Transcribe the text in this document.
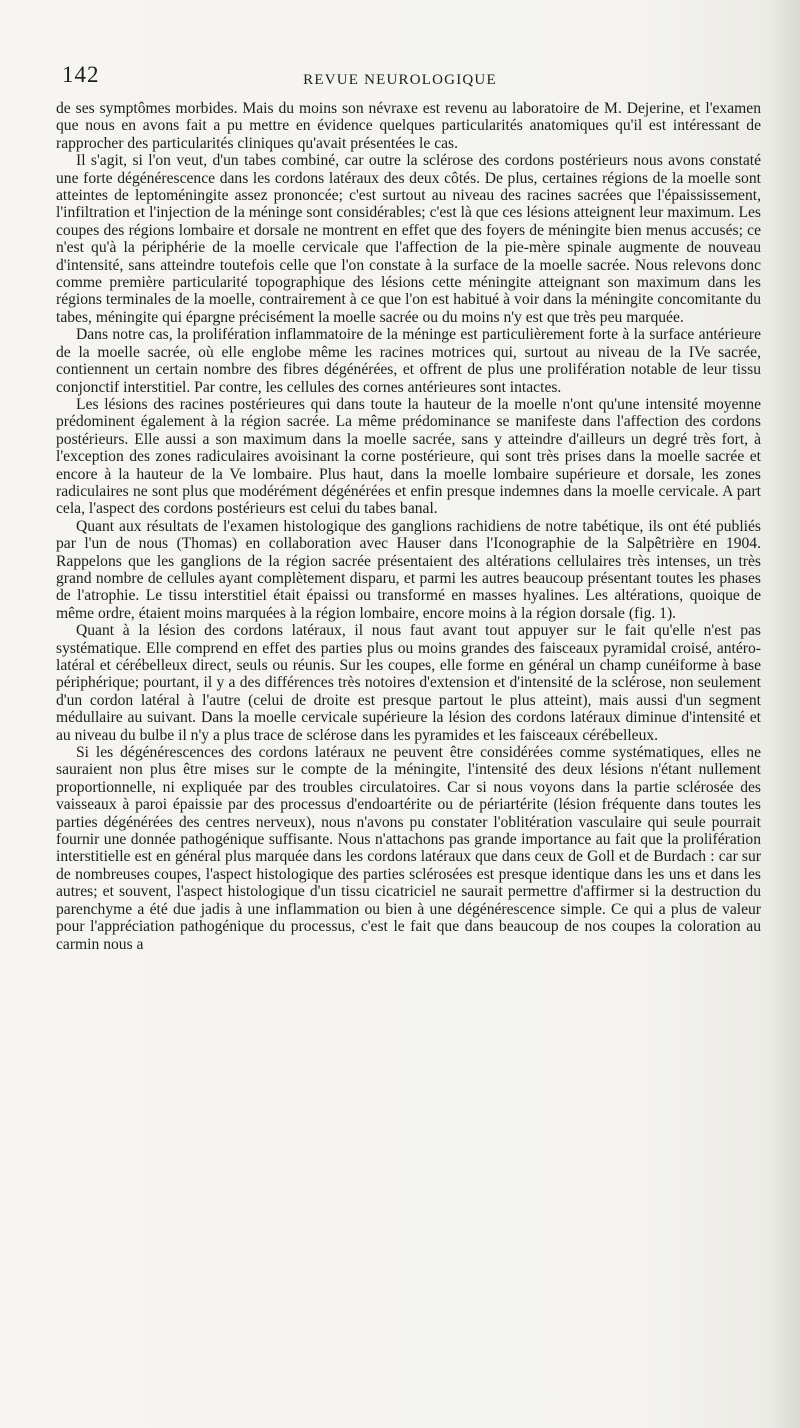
142	REVUE NEUROLOGIQUE

de ses symptômes morbides. Mais du moins son névraxe est revenu au laboratoire de M. Dejerine, et l'examen que nous en avons fait a pu mettre en évidence quelques particularités anatomiques qu'il est intéressant de rapprocher des particularités cliniques qu'avait présentées le cas.

Il s'agit, si l'on veut, d'un tabes combiné, car outre la sclérose des cordons postérieurs nous avons constaté une forte dégénérescence dans les cordons latéraux des deux côtés. De plus, certaines régions de la moelle sont atteintes de leptoméningite assez prononcée; c'est surtout au niveau des racines sacrées que l'épaississement, l'infiltration et l'injection de la méninge sont considérables; c'est là que ces lésions atteignent leur maximum. Les coupes des régions lombaire et dorsale ne montrent en effet que des foyers de méningite bien menus accusés; ce n'est qu'à la périphérie de la moelle cervicale que l'affection de la pie-mère spinale augmente de nouveau d'intensité, sans atteindre toutefois celle que l'on constate à la surface de la moelle sacrée. Nous relevons donc comme première particularité topographique des lésions cette méningite atteignant son maximum dans les régions terminales de la moelle, contrairement à ce que l'on est habitué à voir dans la méningite concomitante du tabes, méningite qui épargne précisément la moelle sacrée ou du moins n'y est que très peu marquée.

Dans notre cas, la prolifération inflammatoire de la méninge est particulièrement forte à la surface antérieure de la moelle sacrée, où elle englobe même les racines motrices qui, surtout au niveau de la IVe sacrée, contiennent un certain nombre des fibres dégénérées, et offrent de plus une prolifération notable de leur tissu conjonctif interstitiel. Par contre, les cellules des cornes antérieures sont intactes.

Les lésions des racines postérieures qui dans toute la hauteur de la moelle n'ont qu'une intensité moyenne prédominent également à la région sacrée. La même prédominance se manifeste dans l'affection des cordons postérieurs. Elle aussi a son maximum dans la moelle sacrée, sans y atteindre d'ailleurs un degré très fort, à l'exception des zones radiculaires avoisinant la corne postérieure, qui sont très prises dans la moelle sacrée et encore à la hauteur de la Ve lombaire. Plus haut, dans la moelle lombaire supérieure et dorsale, les zones radiculaires ne sont plus que modérément dégénérées et enfin presque indemnes dans la moelle cervicale. A part cela, l'aspect des cordons postérieurs est celui du tabes banal.

Quant aux résultats de l'examen histologique des ganglions rachidiens de notre tabétique, ils ont été publiés par l'un de nous (Thomas) en collaboration avec Hauser dans l'Iconographie de la Salpêtrière en 1904. Rappelons que les ganglions de la région sacrée présentaient des altérations cellulaires très intenses, un très grand nombre de cellules ayant complètement disparu, et parmi les autres beaucoup présentant toutes les phases de l'atrophie. Le tissu interstitiel était épaissi ou transformé en masses hyalines. Les altérations, quoique de même ordre, étaient moins marquées à la région lombaire, encore moins à la région dorsale (fig. 1).

Quant à la lésion des cordons latéraux, il nous faut avant tout appuyer sur le fait qu'elle n'est pas systématique. Elle comprend en effet des parties plus ou moins grandes des faisceaux pyramidal croisé, antéro-latéral et cérébelleux direct, seuls ou réunis. Sur les coupes, elle forme en général un champ cunéiforme à base périphérique; pourtant, il y a des différences très notoires d'extension et d'intensité de la sclérose, non seulement d'un cordon latéral à l'autre (celui de droite est presque partout le plus atteint), mais aussi d'un segment médullaire au suivant. Dans la moelle cervicale supérieure la lésion des cordons latéraux diminue d'intensité et au niveau du bulbe il n'y a plus trace de sclérose dans les pyramides et les faisceaux cérébelleux.

Si les dégénérescences des cordons latéraux ne peuvent être considérées comme systématiques, elles ne sauraient non plus être mises sur le compte de la méningite, l'intensité des deux lésions n'étant nullement proportionnelle, ni expliquée par des troubles circulatoires. Car si nous voyons dans la partie sclérosée des vaisseaux à paroi épaissie par des processus d'endoartérite ou de périartérite (lésion fréquente dans toutes les parties dégénérées des centres nerveux), nous n'avons pu constater l'oblitération vasculaire qui seule pourrait fournir une donnée pathogénique suffisante. Nous n'attachons pas grande importance au fait que la prolifération interstitielle est en général plus marquée dans les cordons latéraux que dans ceux de Goll et de Burdach : car sur de nombreuses coupes, l'aspect histologique des parties sclérosées est presque identique dans les uns et dans les autres; et souvent, l'aspect histologique d'un tissu cicatriciel ne saurait permettre d'affirmer si la destruction du parenchyme a été due jadis à une inflammation ou bien à une dégénérescence simple. Ce qui a plus de valeur pour l'appréciation pathogénique du processus, c'est le fait que dans beaucoup de nos coupes la coloration au carmin nous a
